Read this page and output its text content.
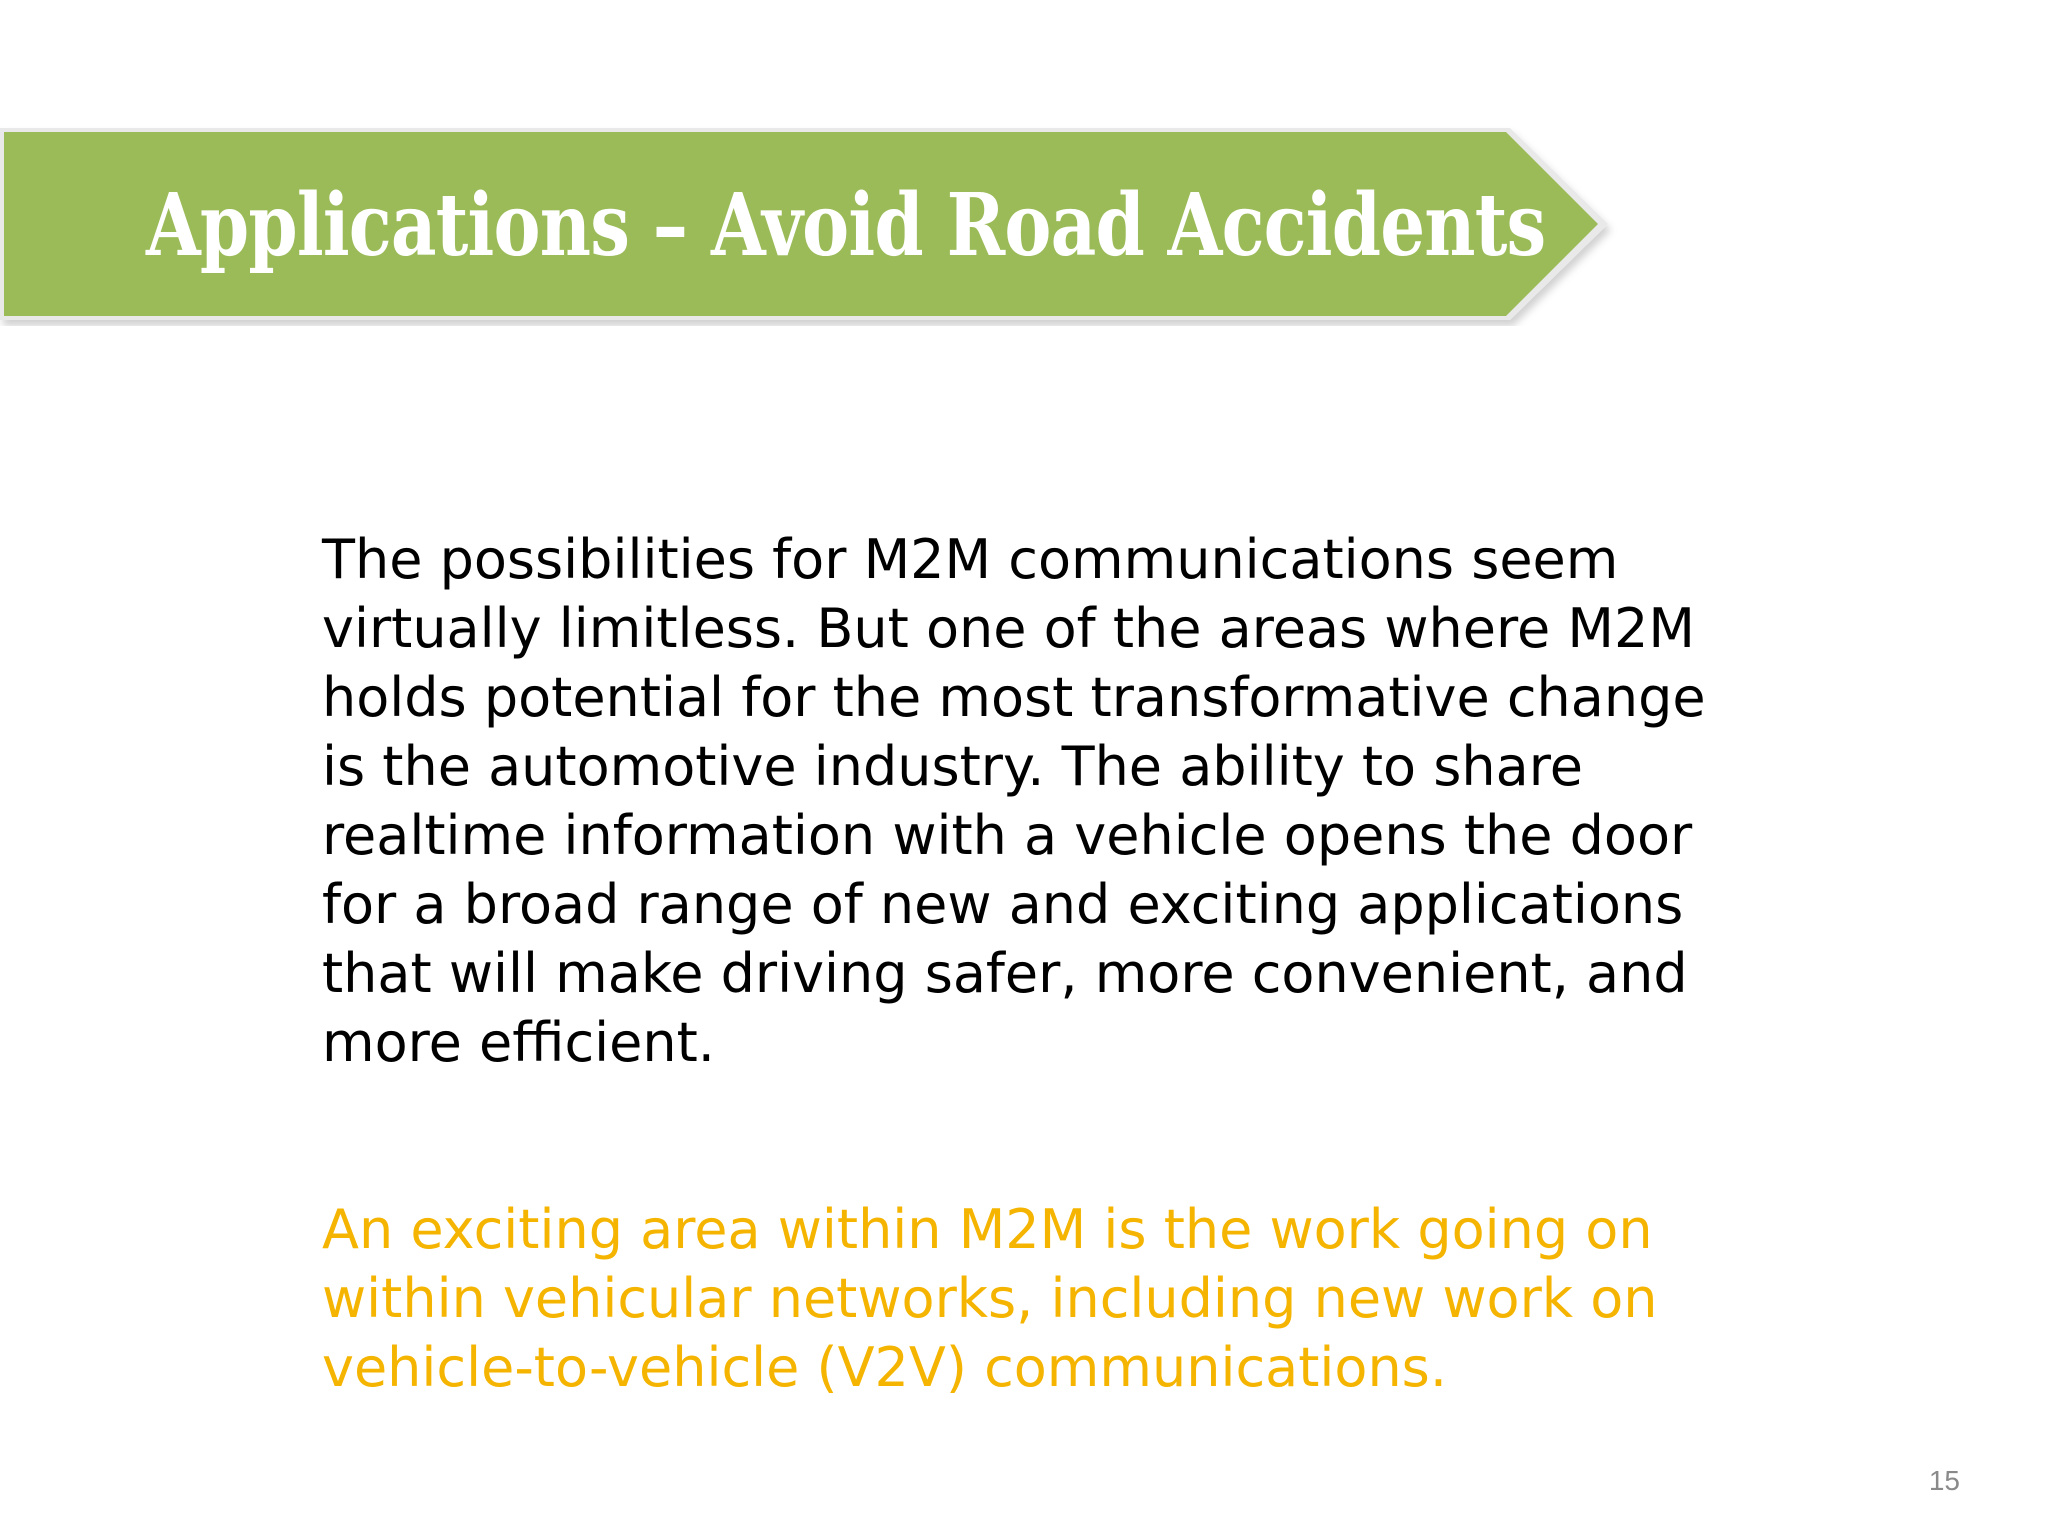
Applications – Avoid Road Accidents

The possibilities for M2M communications seem virtually limitless. But one of the areas where M2M holds potential for the most transformative change is the automotive industry. The ability to share realtime information with a vehicle opens the door for a broad range of new and exciting applications that will make driving safer, more convenient, and more efficient.

An exciting area within M2M is the work going on within vehicular networks, including new work on vehicle-to-vehicle (V2V) communications.

15
